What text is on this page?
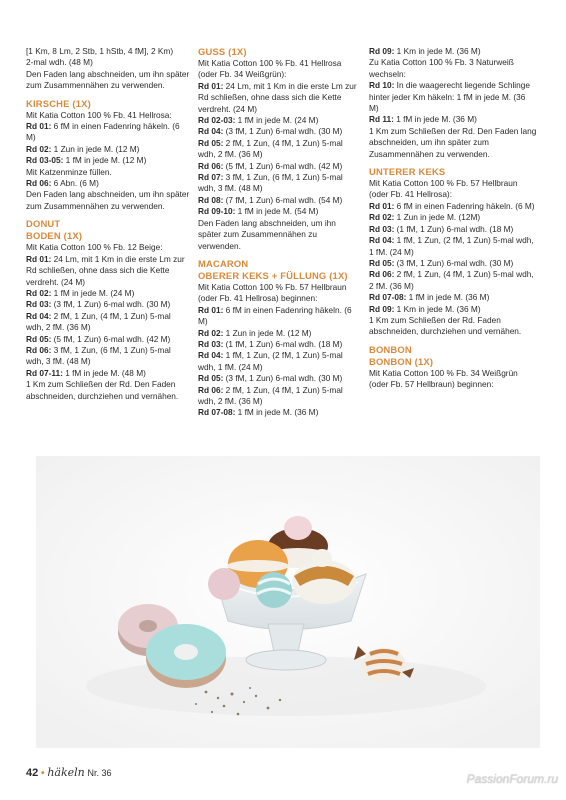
[1 Km, 8 Lm, 2 Stb, 1 hStb, 4 fM], 2 Km)

2-mal wdh. (48 M)

Den Faden lang abschneiden, um ihn später zum Zusammennähen zu verwenden.

KIRSCHE (1X)

Mit Katia Cotton 100 % Fb. 41 Hellrosa:

Rd 01: 6 fM in einen Fadenring häkeln. (6 M)

Rd 02: 1 Zun in jede M. (12 M)

Rd 03-05: 1 fM in jede M. (12 M)

Mit Katzenminze füllen.

Rd 06: 6 Abn. (6 M)

Den Faden lang abschneiden, um ihn später zum Zusammennähen zu verwenden.

DONUT
BODEN (1X)

Mit Katia Cotton 100 % Fb. 12 Beige:

Rd 01: 24 Lm, mit 1 Km in die erste Lm zur Rd schließen, ohne dass sich die Kette verdreht. (24 M)

Rd 02: 1 fM in jede M. (24 M)

Rd 03: (3 fM, 1 Zun) 6-mal wdh. (30 M)

Rd 04: 2 fM, 1 Zun, (4 fM, 1 Zun) 5-mal wdh, 2 fM. (36 M)

Rd 05: (5 fM, 1 Zun) 6-mal wdh. (42 M)

Rd 06: 3 fM, 1 Zun, (6 fM, 1 Zun) 5-mal wdh, 3 fM. (48 M)

Rd 07-11: 1 fM in jede M. (48 M)

1 Km zum Schließen der Rd. Den Faden abschneiden, durchziehen und vernähen.

GUSS (1X)

Mit Katia Cotton 100 % Fb. 41 Hellrosa (oder Fb. 34 Weißgrün):

Rd 01: 24 Lm, mit 1 Km in die erste Lm zur Rd schließen, ohne dass sich die Kette verdreht. (24 M)

Rd 02-03: 1 fM in jede M. (24 M)

Rd 04: (3 fM, 1 Zun) 6-mal wdh. (30 M)

Rd 05: 2 fM, 1 Zun, (4 fM, 1 Zun) 5-mal wdh, 2 fM. (36 M)

Rd 06: (5 fM, 1 Zun) 6-mal wdh. (42 M)

Rd 07: 3 fM, 1 Zun, (6 fM, 1 Zun) 5-mal wdh, 3 fM. (48 M)

Rd 08: (7 fM, 1 Zun) 6-mal wdh. (54 M)

Rd 09-10: 1 fM in jede M. (54 M)

Den Faden lang abschneiden, um ihn später zum Zusammennähen zu verwenden.

MACARON
OBERER KEKS + FÜLLUNG (1X)

Mit Katia Cotton 100 % Fb. 57 Hellbraun (oder Fb. 41 Hellrosa) beginnen:

Rd 01: 6 fM in einen Fadenring häkeln. (6 M)

Rd 02: 1 Zun in jede M. (12 M)

Rd 03: (1 fM, 1 Zun) 6-mal wdh. (18 M)

Rd 04: 1 fM, 1 Zun, (2 fM, 1 Zun) 5-mal wdh, 1 fM. (24 M)

Rd 05: (3 fM, 1 Zun) 6-mal wdh. (30 M)

Rd 06: 2 fM, 1 Zun, (4 fM, 1 Zun) 5-mal wdh, 2 fM. (36 M)

Rd 07-08: 1 fM in jede M. (36 M)

Rd 09: 1 Km in jede M. (36 M)

Zu Katia Cotton 100 % Fb. 3 Naturweiß wechseln:

Rd 10: In die waagerecht liegende Schlinge hinter jeder Km häkeln: 1 fM in jede M. (36 M)

Rd 11: 1 fM in jede M. (36 M)

1 Km zum Schließen der Rd. Den Faden lang abschneiden, um ihn später zum Zusammennähen zu verwenden.

UNTERER KEKS

Mit Katia Cotton 100 % Fb. 57 Hellbraun (oder Fb. 41 Hellrosa):

Rd 01: 6 fM in einen Fadenring häkeln. (6 M)

Rd 02: 1 Zun in jede M. (12M)

Rd 03: (1 fM, 1 Zun) 6-mal wdh. (18 M)

Rd 04: 1 fM, 1 Zun, (2 fM, 1 Zun) 5-mal wdh, 1 fM. (24 M)

Rd 05: (3 fM, 1 Zun) 6-mal wdh. (30 M)

Rd 06: 2 fM, 1 Zun, (4 fM, 1 Zun) 5-mal wdh, 2 fM. (36 M)

Rd 07-08: 1 fM in jede M. (36 M)

Rd 09: 1 Km in jede M. (36 M)

1 Km zum Schließen der Rd. Faden abschneiden, durchziehen und vernähen.

BONBON
BONBON (1X)

Mit Katia Cotton 100 % Fb. 34 Weißgrün (oder Fb. 57 Hellbraun) beginnen:

42 • häkeln Nr. 36	PassionForum.ru
